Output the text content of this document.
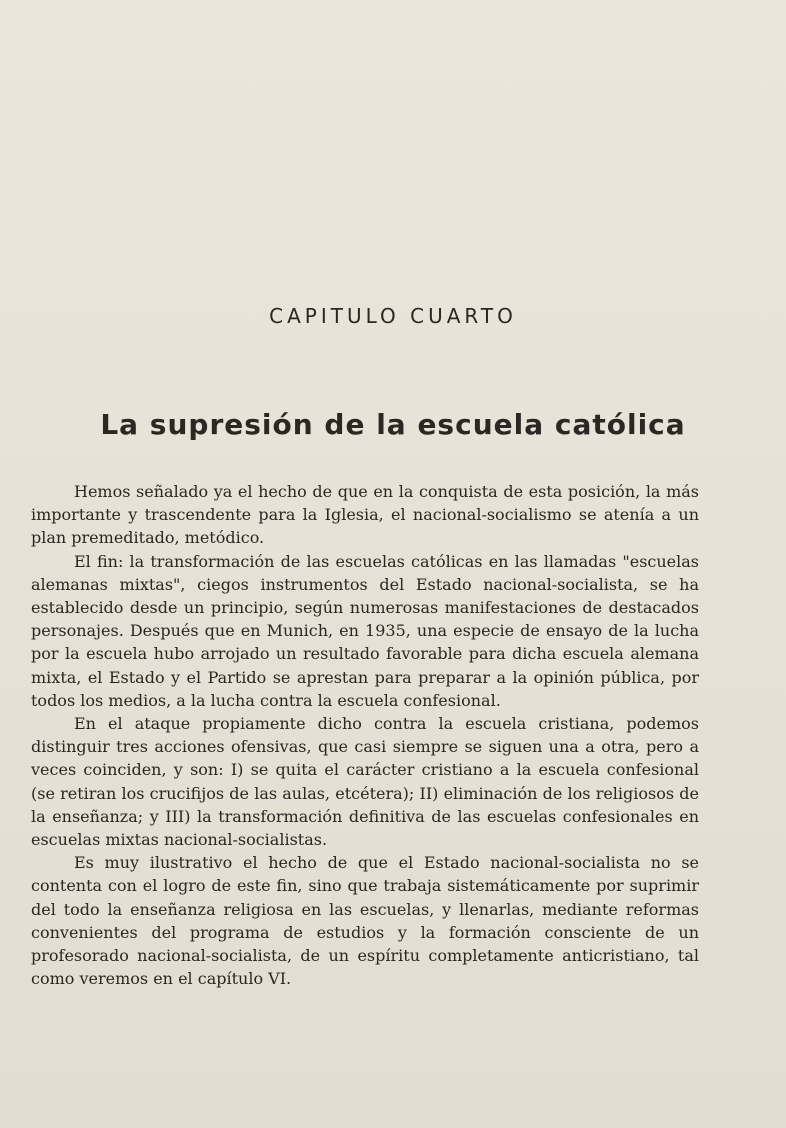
CAPITULO CUARTO
La supresión de la escuela católica

Hemos señalado ya el hecho de que en la conquista de esta posición, la más importante y trascendente para la Iglesia, el nacional-socialismo se atenía a un plan premeditado, metódico.

El fin: la transformación de las escuelas católicas en las llamadas "escuelas alemanas mixtas", ciegos instrumentos del Estado nacional-socialista, se ha establecido desde un principio, según numerosas manifestaciones de destacados personajes. Después que en Munich, en 1935, una especie de ensayo de la lucha por la escuela hubo arrojado un resultado favorable para dicha escuela alemana mixta, el Estado y el Partido se aprestan para preparar a la opinión pública, por todos los medios, a la lucha contra la escuela confesional.

En el ataque propiamente dicho contra la escuela cristiana, podemos distinguir tres acciones ofensivas, que casi siempre se siguen una a otra, pero a veces coinciden, y son: I) se quita el carácter cristiano a la escuela confesional (se retiran los crucifijos de las aulas, etcétera); II) eliminación de los religiosos de la enseñanza; y III) la transformación definitiva de las escuelas confesionales en escuelas mixtas nacional-socialistas.

Es muy ilustrativo el hecho de que el Estado nacional-socialista no se contenta con el logro de este fin, sino que trabaja sistemáticamente por suprimir del todo la enseñanza religiosa en las escuelas, y llenarlas, mediante reformas convenientes del programa de estudios y la formación consciente de un profesorado nacional-socialista, de un espíritu completamente anticristiano, tal como veremos en el capítulo VI.
